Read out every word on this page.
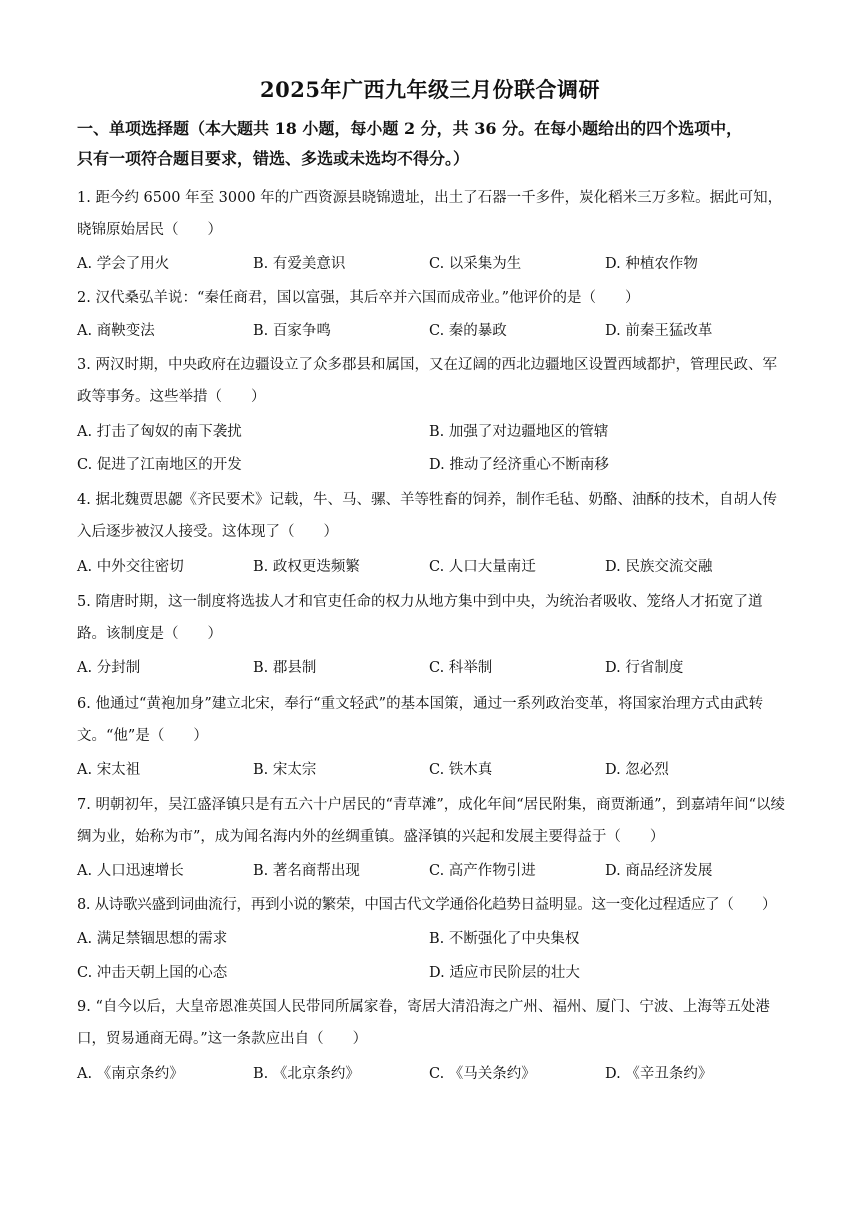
2025年广西九年级三月份联合调研
一、单项选择题（本大题共 18 小题，每小题 2 分，共 36 分。在每小题给出的四个选项中，
只有一项符合题目要求，错选、多选或未选均不得分。）
1. 距今约 6500 年至 3000 年的广西资源县晓锦遗址，出土了石器一千多件，炭化稻米三万多粒。据此可知，晓锦原始居民（　　）
A. 学会了用火	B. 有爱美意识	C. 以采集为生	D. 种植农作物
2. 汉代桑弘羊说：“秦任商君，国以富强，其后卒并六国而成帝业。”他评价的是（　　）
A. 商鞅变法	B. 百家争鸣	C. 秦的暴政	D. 前秦王猛改革
3. 两汉时期，中央政府在边疆设立了众多郡县和属国，又在辽阔的西北边疆地区设置西域都护，管理民政、军政等事务。这些举措（　　）
A. 打击了匈奴的南下袭扰	B. 加强了对边疆地区的管辖
C. 促进了江南地区的开发	D. 推动了经济重心不断南移
4. 据北魏贾思勰《齐民要术》记载，牛、马、骡、羊等牲畜的饲养，制作毛毡、奶酪、油酥的技术，自胡人传入后逐步被汉人接受。这体现了（　　）
A. 中外交往密切	B. 政权更迭频繁	C. 人口大量南迁	D. 民族交流交融
5. 隋唐时期，这一制度将选拔人才和官吏任命的权力从地方集中到中央，为统治者吸收、笼络人才拓宽了道路。该制度是（　　）
A. 分封制	B. 郡县制	C. 科举制	D. 行省制度
6. 他通过“黄袍加身”建立北宋，奉行“重文轻武”的基本国策，通过一系列政治变革，将国家治理方式由武转文。“他”是（　　）
A. 宋太祖	B. 宋太宗	C. 铁木真	D. 忽必烈
7. 明朝初年，吴江盛泽镇只是有五六十户居民的“青草滩”，成化年间“居民附集，商贾渐通”，到嘉靖年间“以绫绸为业，始称为市”，成为闻名海内外的丝绸重镇。盛泽镇的兴起和发展主要得益于（　　）
A. 人口迅速增长	B. 著名商帮出现	C. 高产作物引进	D. 商品经济发展
8. 从诗歌兴盛到词曲流行，再到小说的繁荣，中国古代文学通俗化趋势日益明显。这一变化过程适应了（　　）
A. 满足禁锢思想的需求	B. 不断强化了中央集权
C. 冲击天朝上国的心态	D. 适应市民阶层的壮大
9. “自今以后，大皇帝恩准英国人民带同所属家眷，寄居大清沿海之广州、福州、厦门、宁波、上海等五处港口，贸易通商无碍。”这一条款应出自（　　）
A. 《南京条约》	B. 《北京条约》	C. 《马关条约》	D. 《辛丑条约》
